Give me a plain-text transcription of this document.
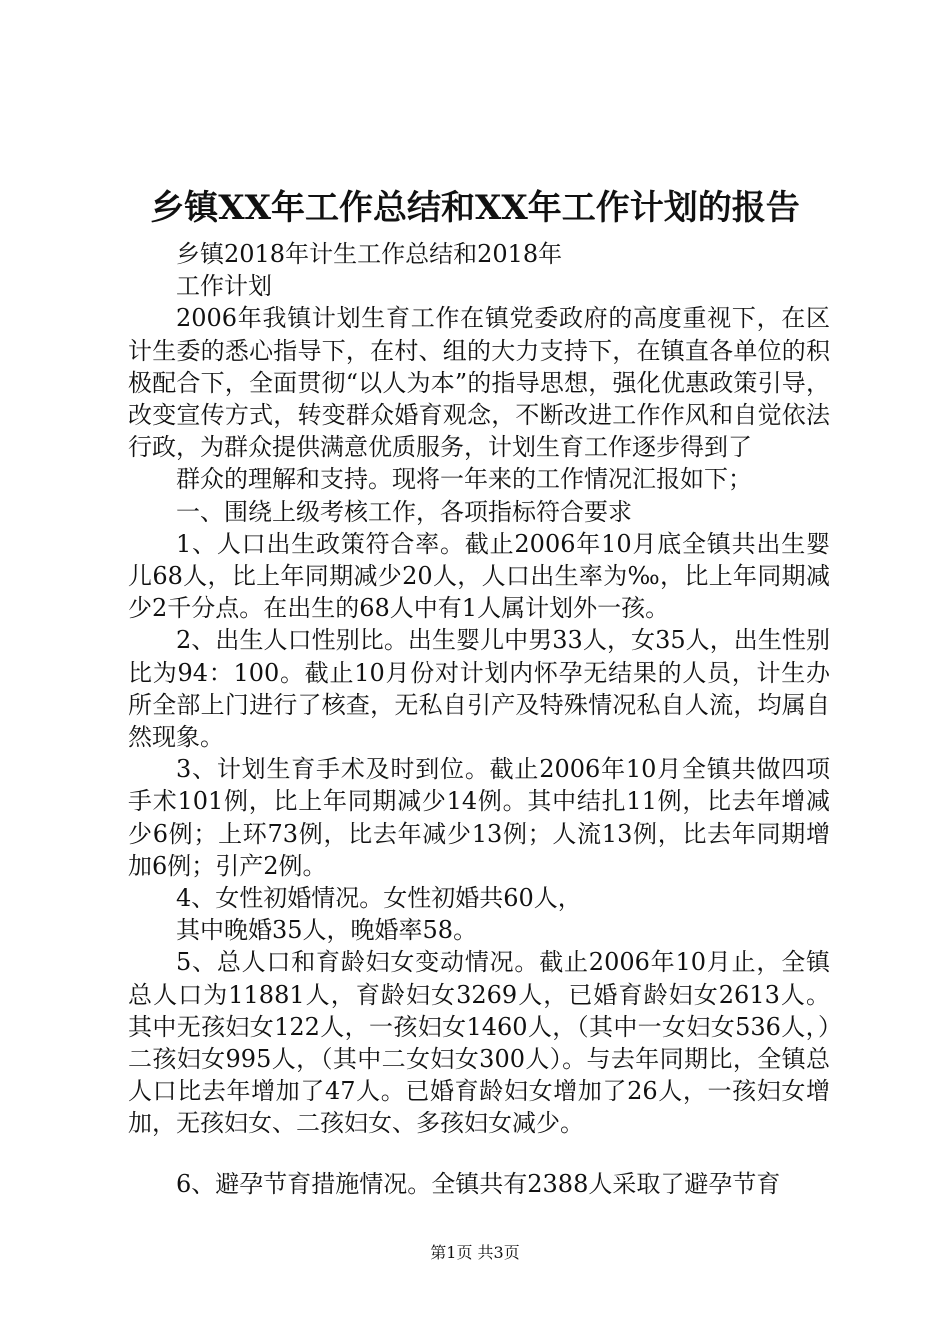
乡镇XX年工作总结和XX年工作计划的报告

乡镇2018年计生工作总结和2018年

工作计划

2006年我镇计划生育工作在镇党委政府的高度重视下，在区计生委的悉心指导下，在村、组的大力支持下，在镇直各单位的积极配合下，全面贯彻“以人为本”的指导思想，强化优惠政策引导，改变宣传方式，转变群众婚育观念，不断改进工作作风和自觉依法行政，为群众提供满意优质服务，计划生育工作逐步得到了

群众的理解和支持。现将一年来的工作情况汇报如下；

一、围绕上级考核工作，各项指标符合要求

1、人口出生政策符合率。截止2006年10月底全镇共出生婴儿68人，比上年同期减少20人，人口出生率为‰，比上年同期减少2千分点。在出生的68人中有1人属计划外一孩。

2、出生人口性别比。出生婴儿中男33人，女35人，出生性别比为94：100。截止10月份对计划内怀孕无结果的人员，计生办所全部上门进行了核查，无私自引产及特殊情况私自人流，均属自然现象。

3、计划生育手术及时到位。截止2006年10月全镇共做四项手术101例，比上年同期减少14例。其中结扎11例，比去年增减少6例；上环73例，比去年减少13例；人流13例，比去年同期增加6例；引产2例。

4、女性初婚情况。女性初婚共60人，

其中晚婚35人，晚婚率58。

5、总人口和育龄妇女变动情况。截止2006年10月止，全镇总人口为11881人，育龄妇女3269人，已婚育龄妇女2613人。其中无孩妇女122人，一孩妇女1460人，（其中一女妇女536人，）二孩妇女995人，（其中二女妇女300人）。与去年同期比，全镇总人口比去年增加了47人。已婚育龄妇女增加了26人，一孩妇女增加，无孩妇女、二孩妇女、多孩妇女减少。

6、避孕节育措施情况。全镇共有2388人采取了避孕节育

第1页 共3页
